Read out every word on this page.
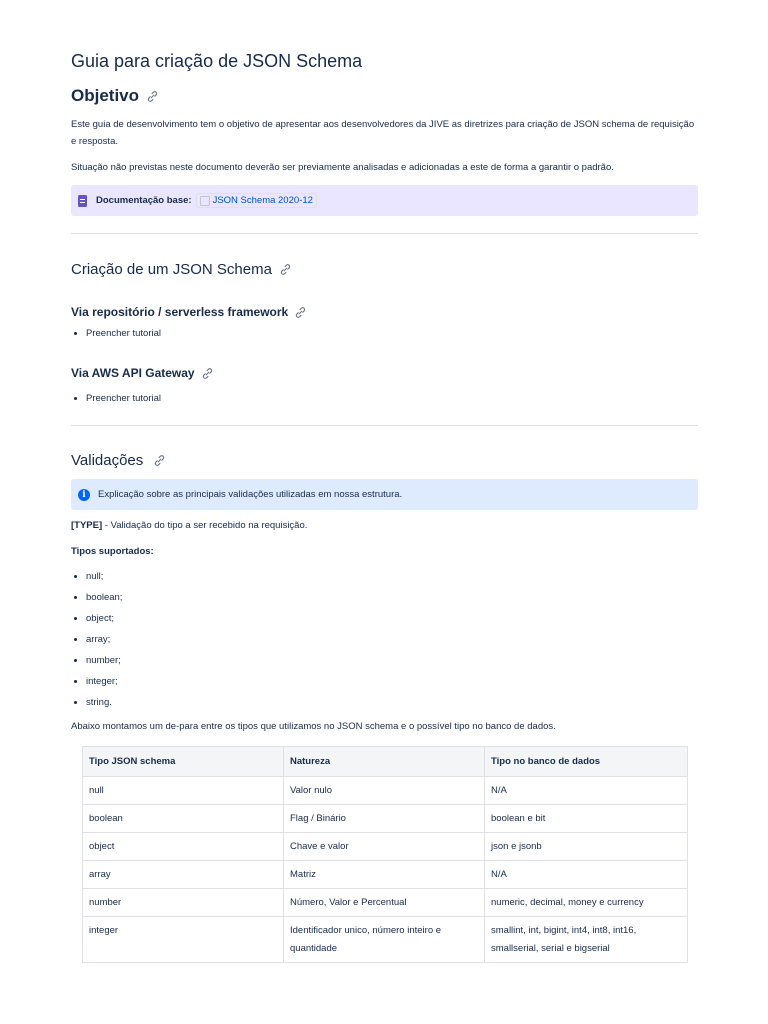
Guia para criação de JSON Schema
Objetivo

Este guia de desenvolvimento tem o objetivo de apresentar aos desenvolvedores da JIVE as diretrizes para criação de JSON schema de requisição e resposta.

Situação não previstas neste documento deverão ser previamente analisadas e adicionadas a este de forma a garantir o padrão.

Documentação base: JSON Schema 2020-12
Criação de um JSON Schema
Via repositório / serverless framework
• Preencher tutorial
Via AWS API Gateway
• Preencher tutorial
Validações
i	Explicação sobre as principais validações utilizadas em nossa estrutura.

[TYPE] - Validação do tipo a ser recebido na requisição.

Tipos suportados:

• null;
• boolean;
• object;
• array;
• number;
• integer;
• string.

Abaixo montamos um de-para entre os tipos que utilizamos no JSON schema e o possível tipo no banco de dados.

Tipo JSON schema	Natureza	Tipo no banco de dados
null	Valor nulo	N/A
boolean	Flag / Binário	boolean e bit
object	Chave e valor	json e jsonb
array	Matriz	N/A
number	Número, Valor e Percentual	numeric, decimal, money e currency
integer	Identificador unico, número inteiro e quantidade	smallint, int, bigint, int4, int8, int16, smallserial, serial e bigserial
